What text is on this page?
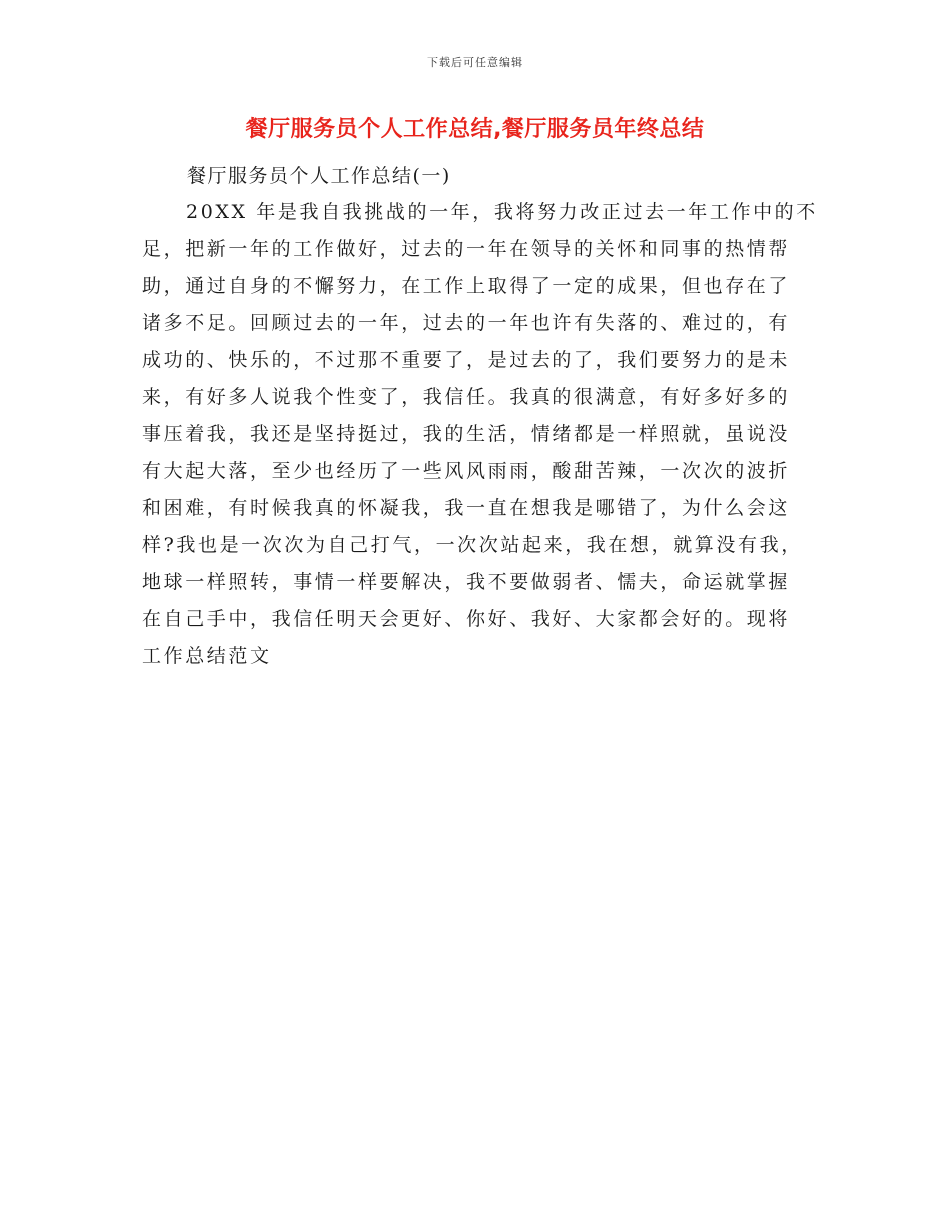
下载后可任意编辑
餐厅服务员个人工作总结,餐厅服务员年终总结
餐厅服务员个人工作总结(一)
20XX 年是我自我挑战的一年，我将努力改正过去一年工作中的不
足，把新一年的工作做好，过去的一年在领导的关怀和同事的热情帮
助，通过自身的不懈努力，在工作上取得了一定的成果，但也存在了
诸多不足。回顾过去的一年，过去的一年也许有失落的、难过的，有
成功的、快乐的，不过那不重要了，是过去的了，我们要努力的是未
来，有好多人说我个性变了，我信任。我真的很满意，有好多好多的
事压着我，我还是坚持挺过，我的生活，情绪都是一样照就，虽说没
有大起大落，至少也经历了一些风风雨雨，酸甜苦辣，一次次的波折
和困难，有时候我真的怀凝我，我一直在想我是哪错了，为什么会这
样?我也是一次次为自己打气，一次次站起来，我在想，就算没有我，
地球一样照转，事情一样要解决，我不要做弱者、懦夫，命运就掌握
在自己手中，我信任明天会更好、你好、我好、大家都会好的。现将
工作总结范文
